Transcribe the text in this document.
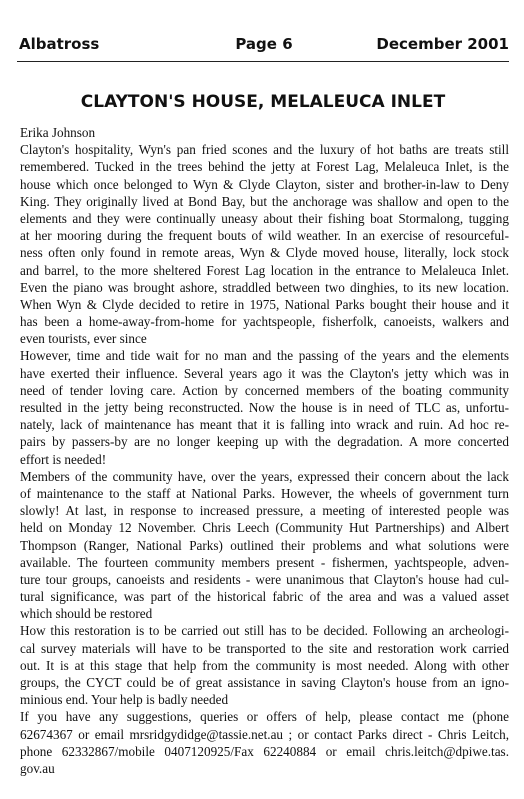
Albatross	Page 6	December 2001
CLAYTON'S HOUSE, MELALEUCA INLET
Erika Johnson
Clayton's hospitality, Wyn's pan fried scones and the luxury of hot baths are treats still
remembered. Tucked in the trees behind the jetty at Forest Lag, Melaleuca Inlet, is the
house which once belonged to Wyn & Clyde Clayton, sister and brother-in-law to Deny
King. They originally lived at Bond Bay, but the anchorage was shallow and open to the
elements and they were continually uneasy about their fishing boat Stormalong, tugging
at her mooring during the frequent bouts of wild weather. In an exercise of resourceful-
ness often only found in remote areas, Wyn & Clyde moved house, literally, lock stock
and barrel, to the more sheltered Forest Lag location in the entrance to Melaleuca Inlet.
Even the piano was brought ashore, straddled between two dinghies, to its new location.
When Wyn & Clyde decided to retire in 1975, National Parks bought their house and it
has been a home-away-from-home for yachtspeople, fisherfolk, canoeists, walkers and
even tourists, ever since
However, time and tide wait for no man and the passing of the years and the elements
have exerted their influence. Several years ago it was the Clayton's jetty which was in
need of tender loving care. Action by concerned members of the boating community
resulted in the jetty being reconstructed. Now the house is in need of TLC as, unfortu-
nately, lack of maintenance has meant that it is falling into wrack and ruin. Ad hoc re-
pairs by passers-by are no longer keeping up with the degradation. A more concerted
effort is needed!
Members of the community have, over the years, expressed their concern about the lack
of maintenance to the staff at National Parks. However, the wheels of government turn
slowly! At last, in response to increased pressure, a meeting of interested people was
held on Monday 12 November. Chris Leech (Community Hut Partnerships) and Albert
Thompson (Ranger, National Parks) outlined their problems and what solutions were
available. The fourteen community members present - fishermen, yachtspeople, adven-
ture tour groups, canoeists and residents - were unanimous that Clayton's house had cul-
tural significance, was part of the historical fabric of the area and was a valued asset
which should be restored
How this restoration is to be carried out still has to be decided. Following an archeologi-
cal survey materials will have to be transported to the site and restoration work carried
out. It is at this stage that help from the community is most needed. Along with other
groups, the CYCT could be of great assistance in saving Clayton's house from an igno-
minious end. Your help is badly needed
If you have any suggestions, queries or offers of help, please contact me (phone
62674367 or email mrsridgydidge@tassie.net.au ; or contact Parks direct - Chris Leitch,
phone 62332867/mobile 0407120925/Fax 62240884 or email chris.leitch@dpiwe.tas.
gov.au
